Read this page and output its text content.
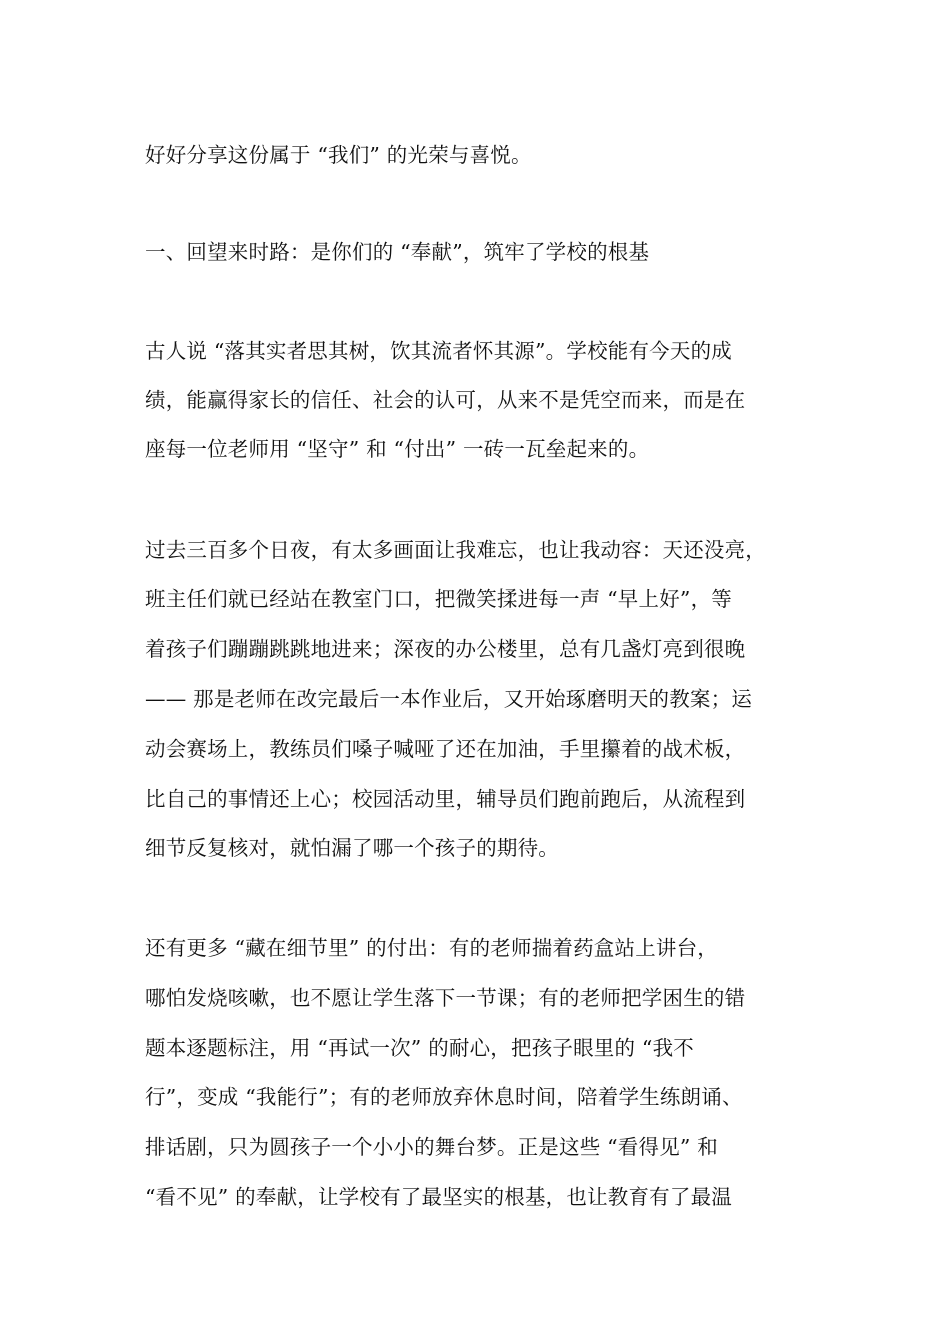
好好分享这份属于 “我们” 的光荣与喜悦。
一、回望来时路：是你们的 “奉献”，筑牢了学校的根基
古人说 “落其实者思其树，饮其流者怀其源”。学校能有今天的成
绩，能赢得家长的信任、社会的认可，从来不是凭空而来，而是在
座每一位老师用 “坚守” 和 “付出” 一砖一瓦垒起来的。
过去三百多个日夜，有太多画面让我难忘，也让我动容：天还没亮，
班主任们就已经站在教室门口，把微笑揉进每一声 “早上好”，等
着孩子们蹦蹦跳跳地进来；深夜的办公楼里，总有几盏灯亮到很晚
—— 那是老师在改完最后一本作业后，又开始琢磨明天的教案；运
动会赛场上，教练员们嗓子喊哑了还在加油，手里攥着的战术板，
比自己的事情还上心；校园活动里，辅导员们跑前跑后，从流程到
细节反复核对，就怕漏了哪一个孩子的期待。
还有更多 “藏在细节里” 的付出：有的老师揣着药盒站上讲台，
哪怕发烧咳嗽，也不愿让学生落下一节课；有的老师把学困生的错
题本逐题标注，用 “再试一次” 的耐心，把孩子眼里的 “我不
行”，变成 “我能行”；有的老师放弃休息时间，陪着学生练朗诵、
排话剧，只为圆孩子一个小小的舞台梦。正是这些 “看得见” 和
“看不见” 的奉献，让学校有了最坚实的根基，也让教育有了最温
